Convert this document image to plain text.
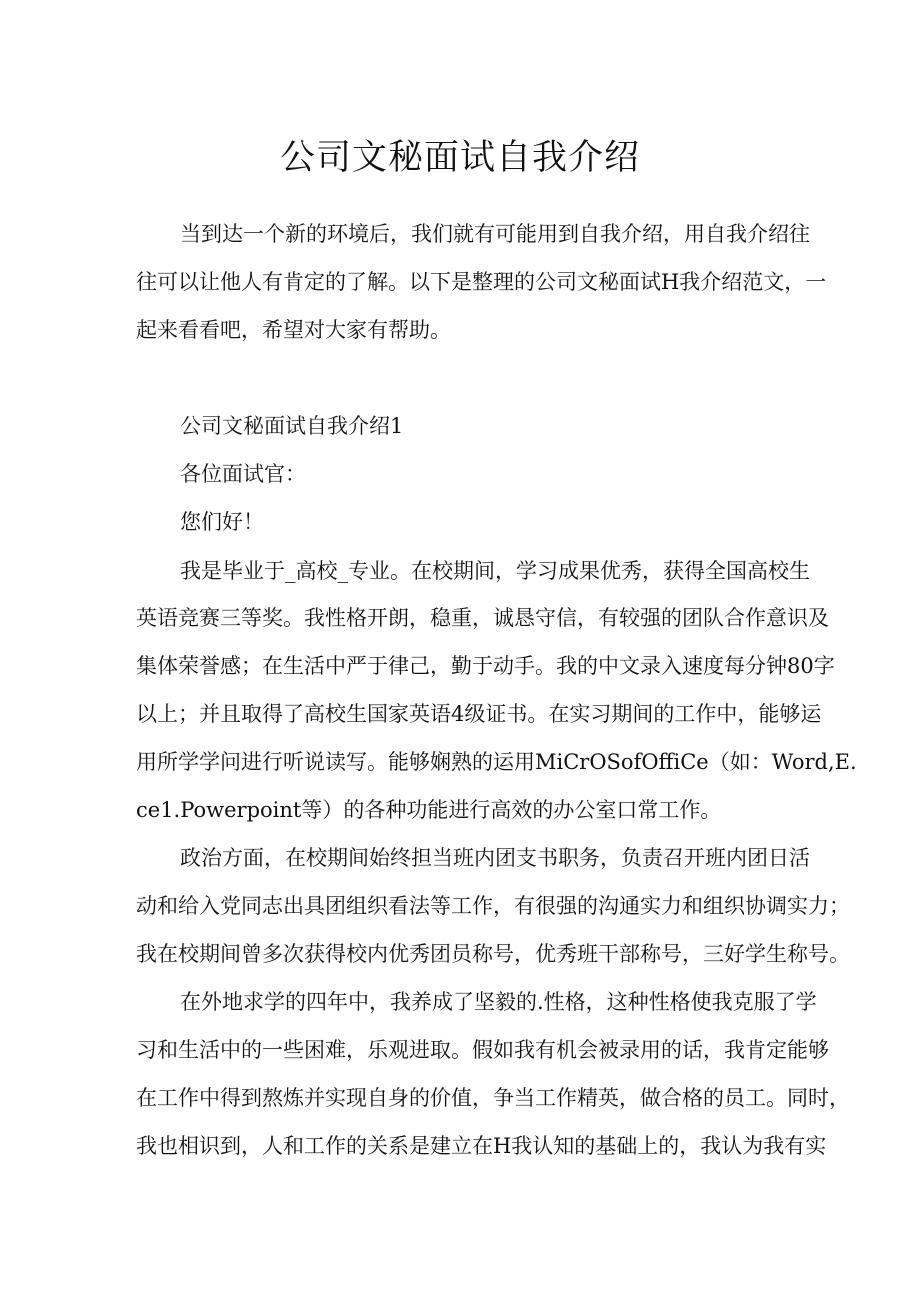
公司文秘面试自我介绍

当到达一个新的环境后，我们就有可能用到自我介绍，用自我介绍往

往可以让他人有肯定的了解。以下是整理的公司文秘面试H我介绍范文，一

起来看看吧，希望对大家有帮助。

公司文秘面试自我介绍1

各位面试官：

您们好！

我是毕业于_高校_专业。在校期间，学习成果优秀，获得全国高校生

英语竞赛三等奖。我性格开朗，稳重，诚恳守信，有较强的团队合作意识及

集体荣誉感；在生活中严于律己，勤于动手。我的中文录入速度每分钟80字

以上；并且取得了高校生国家英语4级证书。在实习期间的工作中，能够运

用所学学问进行听说读写。能够娴熟的运用MiCrOSofOffiCe（如：Word,E.

ce1.Powerpoint等）的各种功能进行高效的办公室口常工作。

政治方面，在校期间始终担当班内团支书职务，负责召开班内团日活

动和给入党同志出具团组织看法等工作，有很强的沟通实力和组织协调实力；

我在校期间曾多次获得校内优秀团员称号，优秀班干部称号，三好学生称号。

在外地求学的四年中，我养成了坚毅的.性格，这种性格使我克服了学

习和生活中的一些困难，乐观进取。假如我有机会被录用的话，我肯定能够

在工作中得到熬炼并实现自身的价值，争当工作精英，做合格的员工。同时，

我也相识到，人和工作的关系是建立在H我认知的基础上的，我认为我有实
